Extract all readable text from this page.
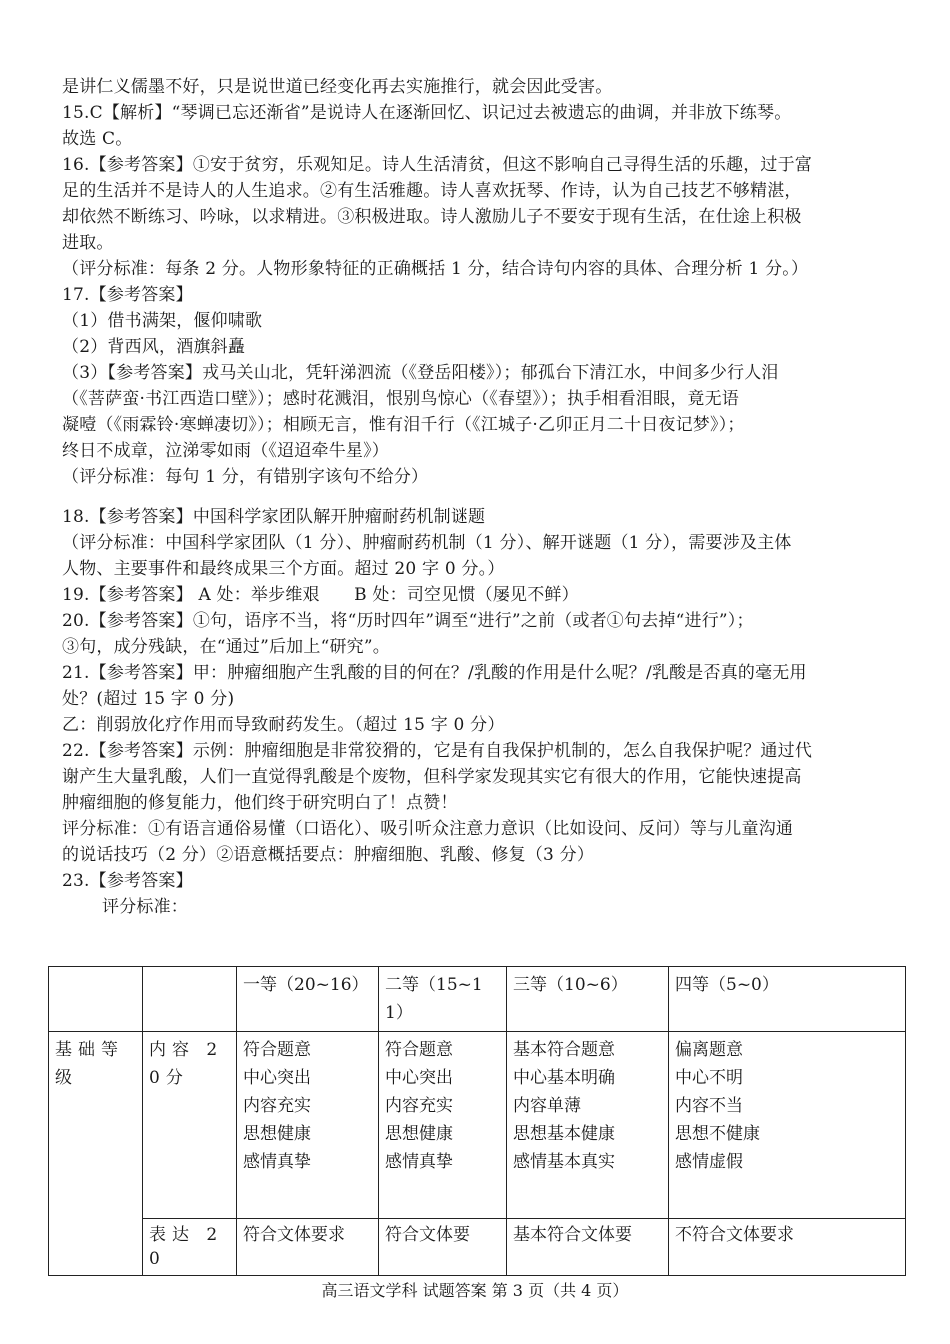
是讲仁义儒墨不好，只是说世道已经变化再去实施推行，就会因此受害。
15.C【解析】“琴调已忘还渐省”是说诗人在逐渐回忆、识记过去被遗忘的曲调，并非放下练琴。
故选 C。
16.【参考答案】①安于贫穷，乐观知足。诗人生活清贫，但这不影响自己寻得生活的乐趣，过于富
足的生活并不是诗人的人生追求。②有生活雅趣。诗人喜欢抚琴、作诗，认为自己技艺不够精湛，
却依然不断练习、吟咏，以求精进。③积极进取。诗人激励儿子不要安于现有生活，在仕途上积极
进取。
（评分标准：每条 2 分。人物形象特征的正确概括 1 分，结合诗句内容的具体、合理分析 1 分。）
17.【参考答案】
（1）借书满架，偃仰啸歌
（2）背西风，酒旗斜矗
（3）【参考答案】戎马关山北，凭轩涕泗流（《登岳阳楼》）；郁孤台下清江水，中间多少行人泪
（《菩萨蛮·书江西造口壁》）；感时花溅泪，恨别鸟惊心（《春望》）；执手相看泪眼，竟无语
凝噎（《雨霖铃·寒蝉凄切》）；相顾无言，惟有泪千行（《江城子·乙卯正月二十日夜记梦》）；
终日不成章，泣涕零如雨（《迢迢牵牛星》）
（评分标准：每句 1 分，有错别字该句不给分）
18.【参考答案】中国科学家团队解开肿瘤耐药机制谜题
（评分标准：中国科学家团队（1 分）、肿瘤耐药机制（1 分）、解开谜题（1 分），需要涉及主体
人物、主要事件和最终成果三个方面。超过 20 字 0 分。）
19.【参考答案】 A 处：举步维艰　　B 处：司空见惯（屡见不鲜）
20.【参考答案】①句，语序不当，将“历时四年”调至“进行”之前（或者①句去掉“进行”）；
③句，成分残缺，在“通过”后加上“研究”。
21.【参考答案】甲：肿瘤细胞产生乳酸的目的何在？/乳酸的作用是什么呢？/乳酸是否真的毫无用
处？(超过 15 字 0 分)
乙：削弱放化疗作用而导致耐药发生。（超过 15 字 0 分）
22.【参考答案】示例：肿瘤细胞是非常狡猾的，它是有自我保护机制的，怎么自我保护呢？通过代
谢产生大量乳酸，人们一直觉得乳酸是个废物，但科学家发现其实它有很大的作用，它能快速提高
肿瘤细胞的修复能力，他们终于研究明白了！点赞！
评分标准：①有语言通俗易懂（口语化）、吸引听众注意力意识（比如设问、反问）等与儿童沟通
的说话技巧（2 分）②语意概括要点：肿瘤细胞、乳酸、修复（3 分）
23.【参考答案】
评分标准：
		一等（20~16）	二等（15~11）	三等（10~6）	四等（5~0）
基础等级	内容 20分	符合题意
中心突出
内容充实
思想健康
感情真挚	符合题意
中心突出
内容充实
思想健康
感情真挚	基本符合题意
中心基本明确
内容单薄
思想基本健康
感情基本真实	偏离题意
中心不明
内容不当
思想不健康
感情虚假

	表达 20	符合文体要求	符合文体要	基本符合文体要	不符合文体要求
高三语文学科 试题答案 第 3 页（共 4 页）
